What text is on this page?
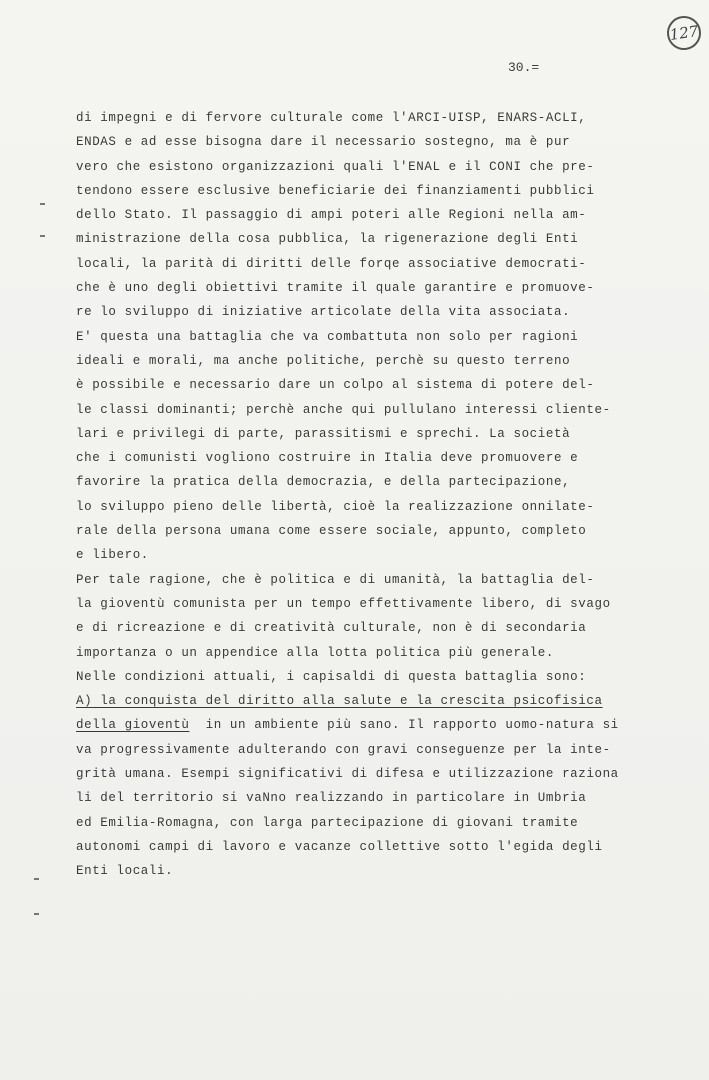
127
30.=
di impegni e di fervore culturale come l'ARCI-UISP, ENARS-ACLI,
ENDAS e ad esse bisogna dare il necessario sostegno, ma è pur
vero che esistono organizzazioni quali l'ENAL e il CONI che pre-
tendono essere esclusive beneficiarie dei finanziamenti pubblici
dello Stato. Il passaggio di ampi poteri alle Regioni nella am-
ministrazione della cosa pubblica, la rigenerazione degli Enti
locali, la parità di diritti delle forqe associative democrati-
che è uno degli obiettivi tramite il quale garantire e promuove-
re lo sviluppo di iniziative articolate della vita associata.
E' questa una battaglia che va combattuta non solo per ragioni
ideali e morali, ma anche politiche, perchè su questo terreno
è possibile e necessario dare un colpo al sistema di potere del-
le classi dominanti; perchè anche qui pullulano interessi cliente-
lari e privilegi di parte, parassitismi e sprechi. La società
che i comunisti vogliono costruire in Italia deve promuovere e
favorire la pratica della democrazia, e della partecipazione,
lo sviluppo pieno delle libertà, cioè la realizzazione onnilate-
rale della persona umana come essere sociale, appunto, completo
e libero.
Per tale ragione, che è politica e di umanità, la battaglia del-
la gioventù comunista per un tempo effettivamente libero, di svago
e di ricreazione e di creatività culturale, non è di secondaria
importanza o un appendice alla lotta politica più generale.
Nelle condizioni attuali, i capisaldi di questa battaglia sono:
A) la conquista del diritto alla salute e la crescita psicofisica
della gioventù  in un ambiente più sano. Il rapporto uomo-natura si
va progressivamente adulterando con gravi conseguenze per la inte-
grità umana. Esempi significativi di difesa e utilizzazione raziona
li del territorio si vaNno realizzando in particolare in Umbria
ed Emilia-Romagna, con larga partecipazione di giovani tramite
autonomi campi di lavoro e vacanze collettive sotto l'egida degli
Enti locali.
